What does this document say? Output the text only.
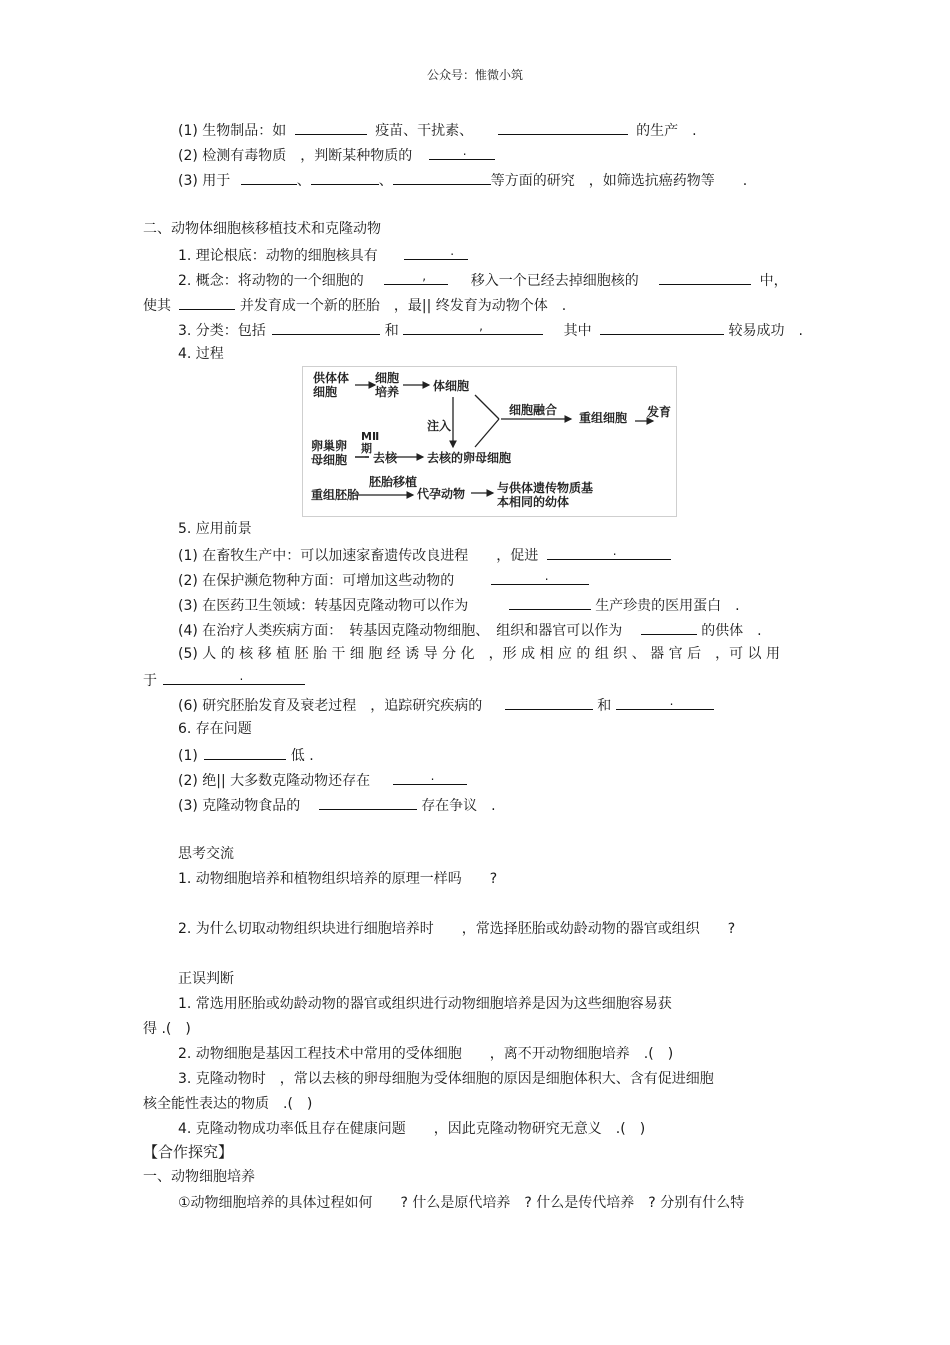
公众号：惟微小筑
(1) 生物制品：如	疫苗、干扰素、	的生产　.
(2) 检测有毒物质　，判断某种物质的	.
(3) 用于	、	、	等方面的研究　，如筛选抗癌药物等　　.
二、动物体细胞核移植技术和克隆动物
1. 理论根底：动物的细胞核具有	.
2. 概念：将动物的一个细胞的	,	移入一个已经去掉细胞核的	中，
使其	并发育成一个新的胚胎　，最|| 终发育为动物个体　.
3. 分类：包括	和	,	其中	较易成功　.
4. 过程
供体体
细胞
细胞
培养	体细胞
注入
细胞融合
重组细胞 发育
卵巢卵
母细胞
MⅡ
期
去核 去核的卵母细胞
重组胚胎
胚胎移植
代孕动物	与供体遗传物质基
本相同的幼体
5. 应用前景
(1) 在畜牧生产中：可以加速家畜遗传改良进程　　，促进	.
(2) 在保护濒危物种方面：可增加这些动物的	.
(3) 在医药卫生领域：转基因克隆动物可以作为	生产珍贵的医用蛋白　.
(4) 在治疗人类疾病方面：　转基因克隆动物细胞、　组织和器官可以作为	的供体　.
(5) 人 的 核 移 植 胚 胎 干 细 胞 经 诱 导 分 化　，形 成 相 应 的 组 织 、 器 官 后　，可 以 用
于	.
(6) 研究胚胎发育及衰老过程　，追踪研究疾病的	和	.
6. 存在问题
(1)	低 .
(2) 绝|| 大多数克隆动物还存在	.
(3) 克隆动物食品的	存在争议　.
思考交流
1. 动物细胞培养和植物组织培养的原理一样吗　　?
2. 为什么切取动物组织块进行细胞培养时　　，常选择胚胎或幼龄动物的器官或组织　　?
正误判断
1. 常选用胚胎或幼龄动物的器官或组织进行动物细胞培养是因为这些细胞容易获
得 .(　)
2. 动物细胞是基因工程技术中常用的受体细胞　　，离不开动物细胞培养　.(　)
3. 克隆动物时　，常以去核的卵母细胞为受体细胞的原因是细胞体积大、含有促进细胞
核全能性表达的物质　.(　)
4. 克隆动物成功率低且存在健康问题　　，因此克隆动物研究无意义　.(　)
【合作探究】
一、动物细胞培养
①动物细胞培养的具体过程如何　　? 什么是原代培养　? 什么是传代培养　? 分别有什么特
